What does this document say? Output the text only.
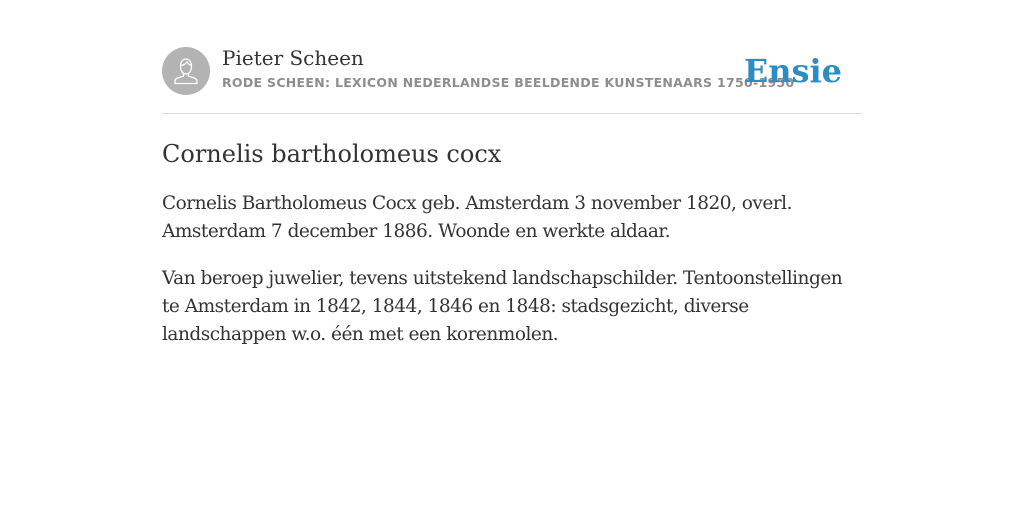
Pieter Scheen
RODE SCHEEN: LEXICON NEDERLANDSE BEELDENDE KUNSTENAARS 1750-1950
Ensie
Cornelis bartholomeus cocx

Cornelis Bartholomeus Cocx geb. Amsterdam 3 november 1820, overl. Amsterdam 7 december 1886. Woonde en werkte aldaar.

Van beroep juwelier, tevens uitstekend landschapschilder. Tentoonstellingen te Amsterdam in 1842, 1844, 1846 en 1848: stadsgezicht, diverse landschappen w.o. één met een korenmolen.
